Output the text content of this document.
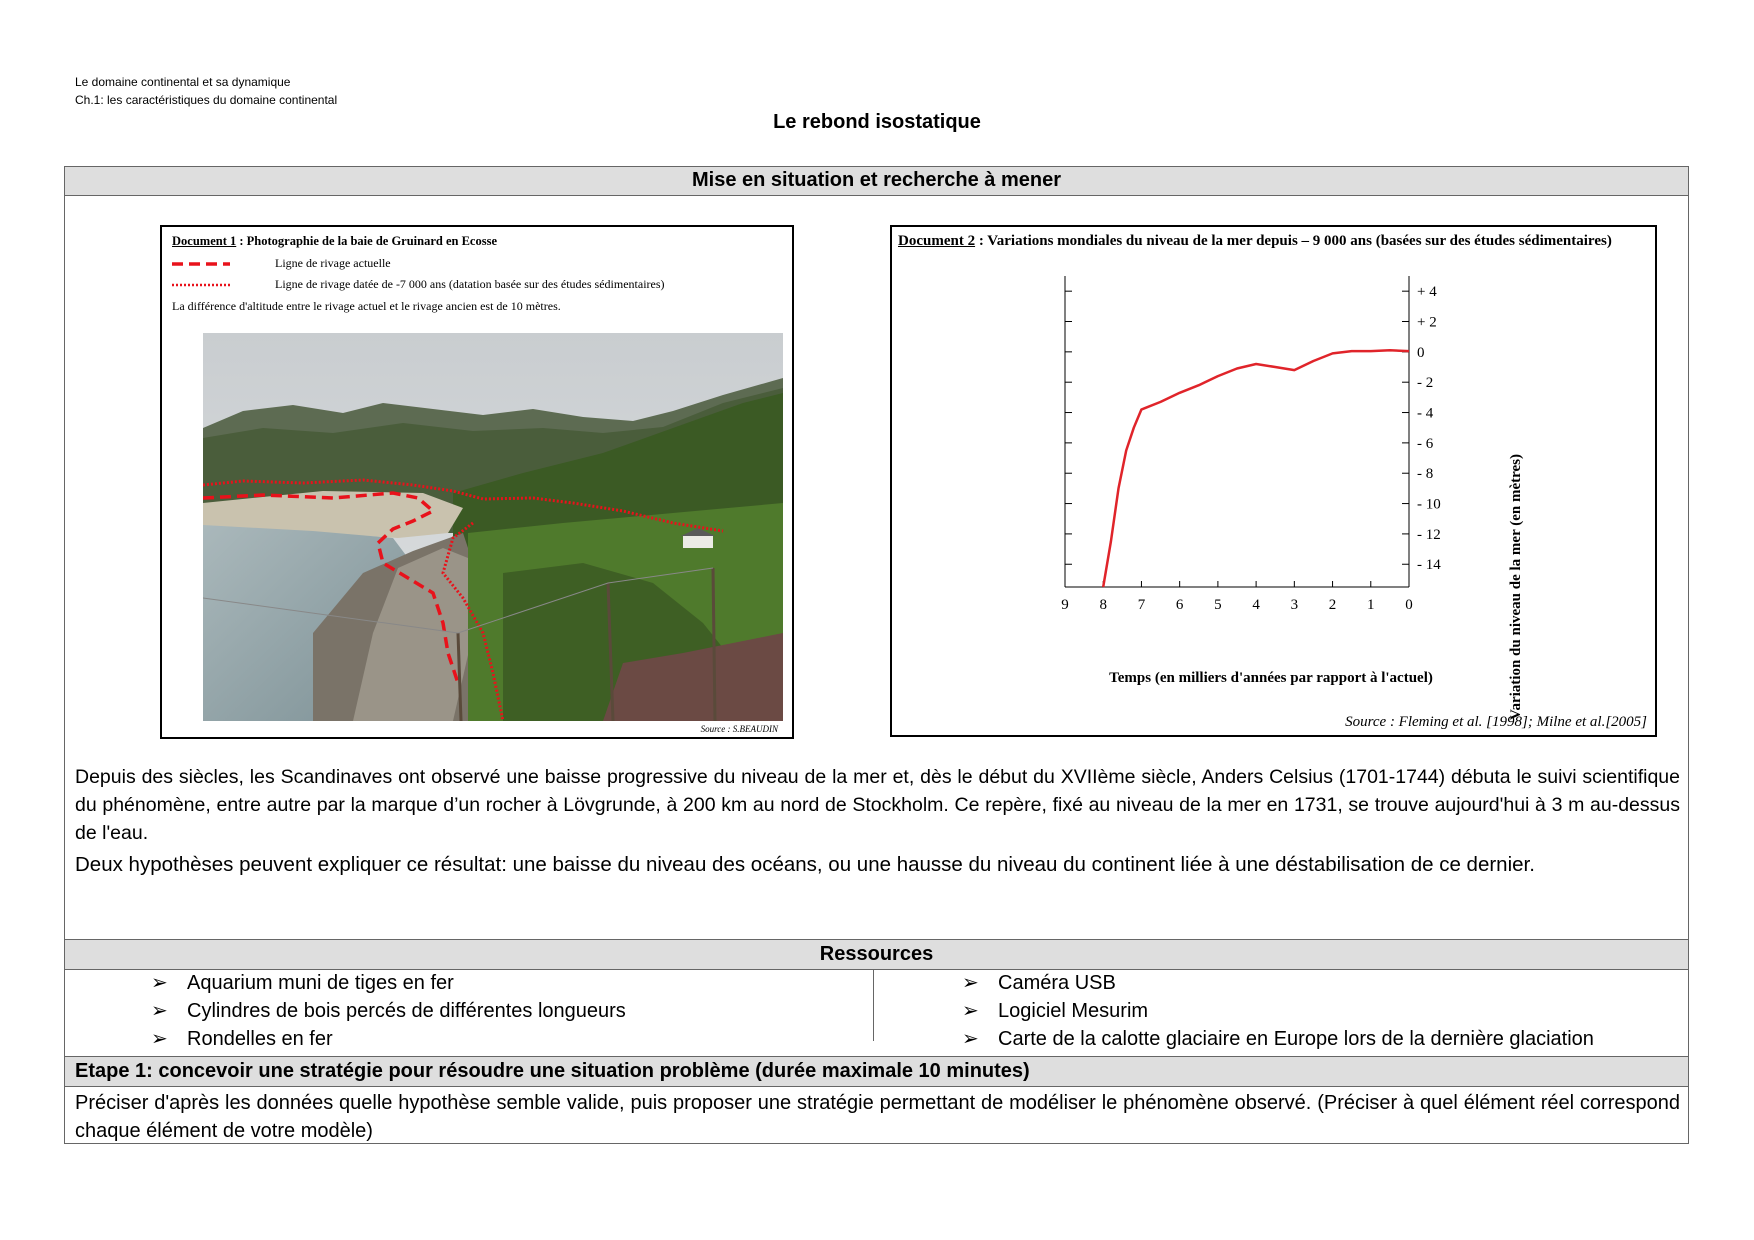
Le domaine continental et sa dynamique
Ch.1: les caractéristiques du domaine continental
Le rebond isostatique
Mise en situation et recherche à mener
Document 1 : Photographie de la baie de Gruinard en Ecosse
Ligne de rivage actuelle
Ligne de rivage datée de -7 000 ans (datation basée sur des études sédimentaires)
La différence d'altitude entre le rivage actuel et le rivage ancien est de 10 mètres.
Source : S.BEAUDIN
Document 2 : Variations mondiales du niveau de la mer depuis – 9 000 ans (basées sur des études sédimentaires)
9 8 7 6 5 4 3 2 1 0
+ 4
+ 2
0
- 2
- 4
- 6
- 8
- 10
- 12
- 14
Temps (en milliers d'années par rapport à l'actuel)	Variation du niveau de la mer (en mètres)
Source : Fleming et al. [1998]; Milne et al.[2005]
Depuis des siècles, les Scandinaves ont observé une baisse progressive du niveau de la mer et, dès le début du XVIIème siècle, Anders Celsius (1701-1744) débuta le suivi scientifique du phénomène, entre autre par la marque d’un rocher à Lövgrunde, à 200 km au nord de Stockholm. Ce repère, fixé au niveau de la mer en 1731, se trouve aujourd'hui à 3 m au-dessus de l'eau.
Deux hypothèses peuvent expliquer ce résultat: une baisse du niveau des océans, ou une hausse du niveau du continent liée à une déstabilisation de ce dernier.
Ressources
➢ Aquarium muni de tiges en fer
➢ Cylindres de bois percés de différentes longueurs
➢ Rondelles en fer
➢ Caméra USB
➢ Logiciel Mesurim
➢ Carte de la calotte glaciaire en Europe lors de la dernière glaciation
Etape 1: concevoir une stratégie pour résoudre une situation problème (durée maximale 10 minutes)
Préciser d'après les données quelle hypothèse semble valide, puis proposer une stratégie permettant de modéliser le phénomène observé. (Préciser à quel élément réel correspond chaque élément de votre modèle)
